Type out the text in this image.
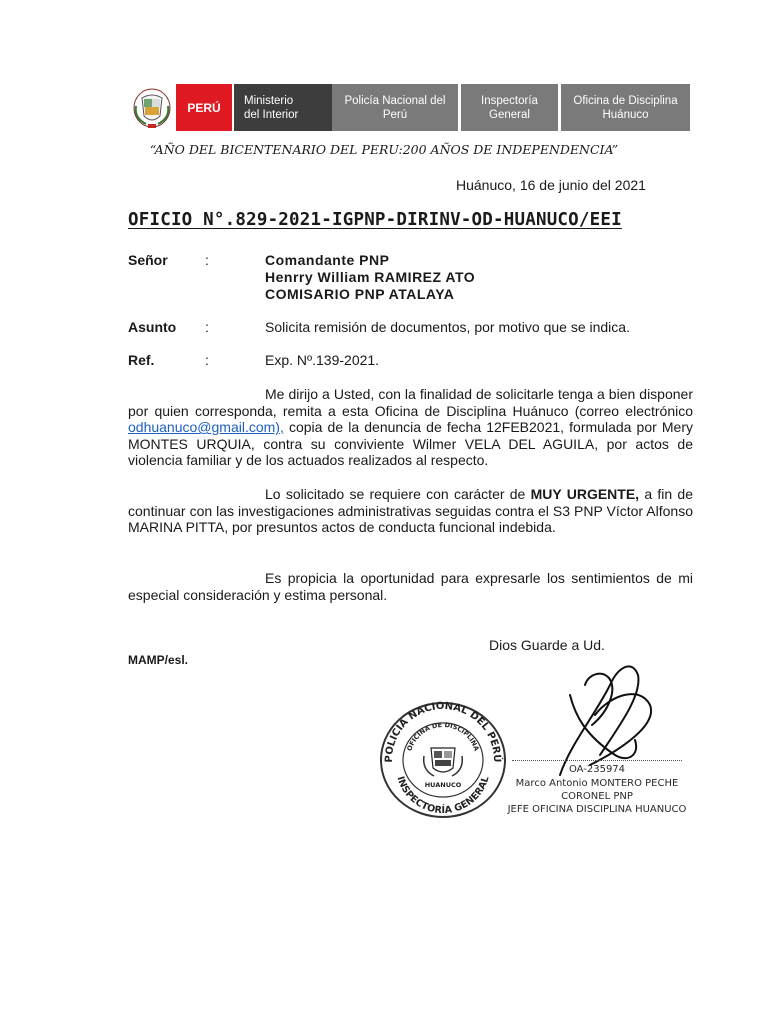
PERÚ	Ministerio
del Interior
Policía Nacional del
Perú
Inspectoría
General
Oficina de Disciplina
Huánuco
“AÑO DEL BICENTENARIO DEL PERU:200 AÑOS DE INDEPENDENCIA”
Huánuco, 16 de junio del 2021
OFICIO N°.829-2021-IGPNP-DIRINV-OD-HUANUCO/EEI
Señor	:	Comandante PNP
Henrry William RAMIREZ ATO
COMISARIO PNP ATALAYA
Asunto :	Solicita remisión de documentos, por motivo que se indica.
Ref.	:	Exp. Nº.139-2021.
Me dirijo a Usted, con la finalidad de solicitarle tenga a bien disponer por quien corresponda, remita a esta Oficina de Disciplina Huánuco (correo electrónico odhuanuco@gmail.com), copia de la denuncia de fecha 12FEB2021, formulada por Mery MONTES URQUIA, contra su conviviente Wilmer VELA DEL AGUILA, por actos de violencia familiar y de los actuados realizados al respecto.
Lo solicitado se requiere con carácter de MUY URGENTE, a fin de continuar con las investigaciones administrativas seguidas contra el S3 PNP Víctor Alfonso MARINA PITTA, por presuntos actos de conducta funcional indebida.
Es propicia la oportunidad para expresarle los sentimientos de mi especial consideración y estima personal.
Dios Guarde a Ud.
MAMP/esl.
POLICÍA NACIONAL DEL PERÚ
INSPECTORÍA GENERAL
OFICINA DE DISCIPLINA
HUANUCO
OA-235974
Marco Antonio MONTERO PECHE
CORONEL PNP
JEFE OFICINA DISCIPLINA HUANUCO
